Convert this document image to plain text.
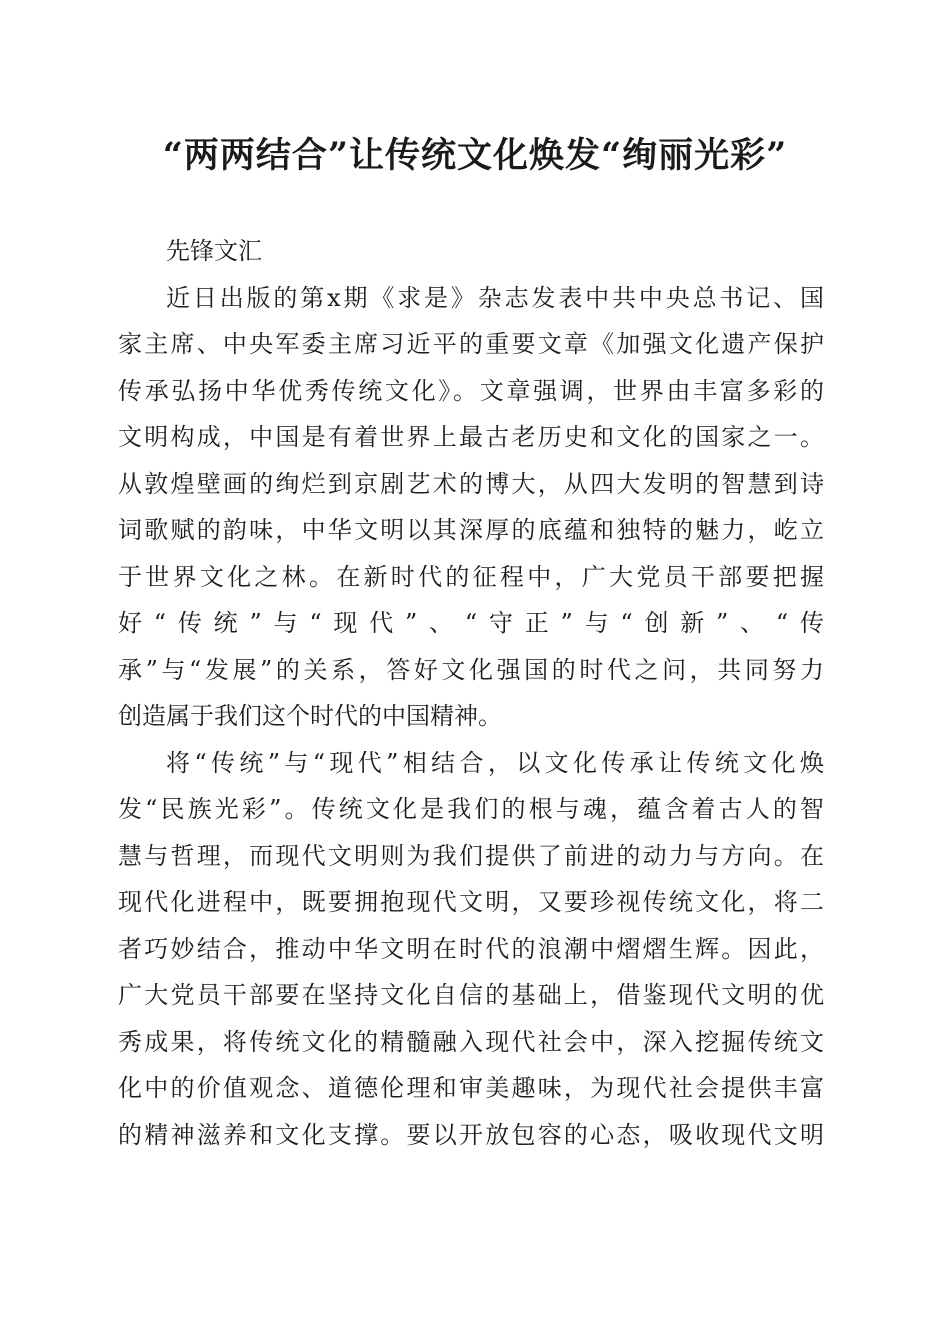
“两两结合”让传统文化焕发“绚丽光彩”
先锋文汇
近日出版的第x期《求是》杂志发表中共中央总书记、国
家主席、中央军委主席习近平的重要文章《加强文化遗产保护
传承弘扬中华优秀传统文化》。文章强调，世界由丰富多彩的
文明构成，中国是有着世界上最古老历史和文化的国家之一。
从敦煌壁画的绚烂到京剧艺术的博大，从四大发明的智慧到诗
词歌赋的韵味，中华文明以其深厚的底蕴和独特的魅力，屹立
于世界文化之林。在新时代的征程中，广大党员干部要把握
好“传统”与“现代”、“守正”与“创新”、“传
承”与“发展”的关系，答好文化强国的时代之问，共同努力
创造属于我们这个时代的中国精神。
将“传统”与“现代”相结合，以文化传承让传统文化焕
发“民族光彩”。传统文化是我们的根与魂，蕴含着古人的智
慧与哲理，而现代文明则为我们提供了前进的动力与方向。在
现代化进程中，既要拥抱现代文明，又要珍视传统文化，将二
者巧妙结合，推动中华文明在时代的浪潮中熠熠生辉。因此，
广大党员干部要在坚持文化自信的基础上，借鉴现代文明的优
秀成果，将传统文化的精髓融入现代社会中，深入挖掘传统文
化中的价值观念、道德伦理和审美趣味，为现代社会提供丰富
的精神滋养和文化支撑。要以开放包容的心态，吸收现代文明
